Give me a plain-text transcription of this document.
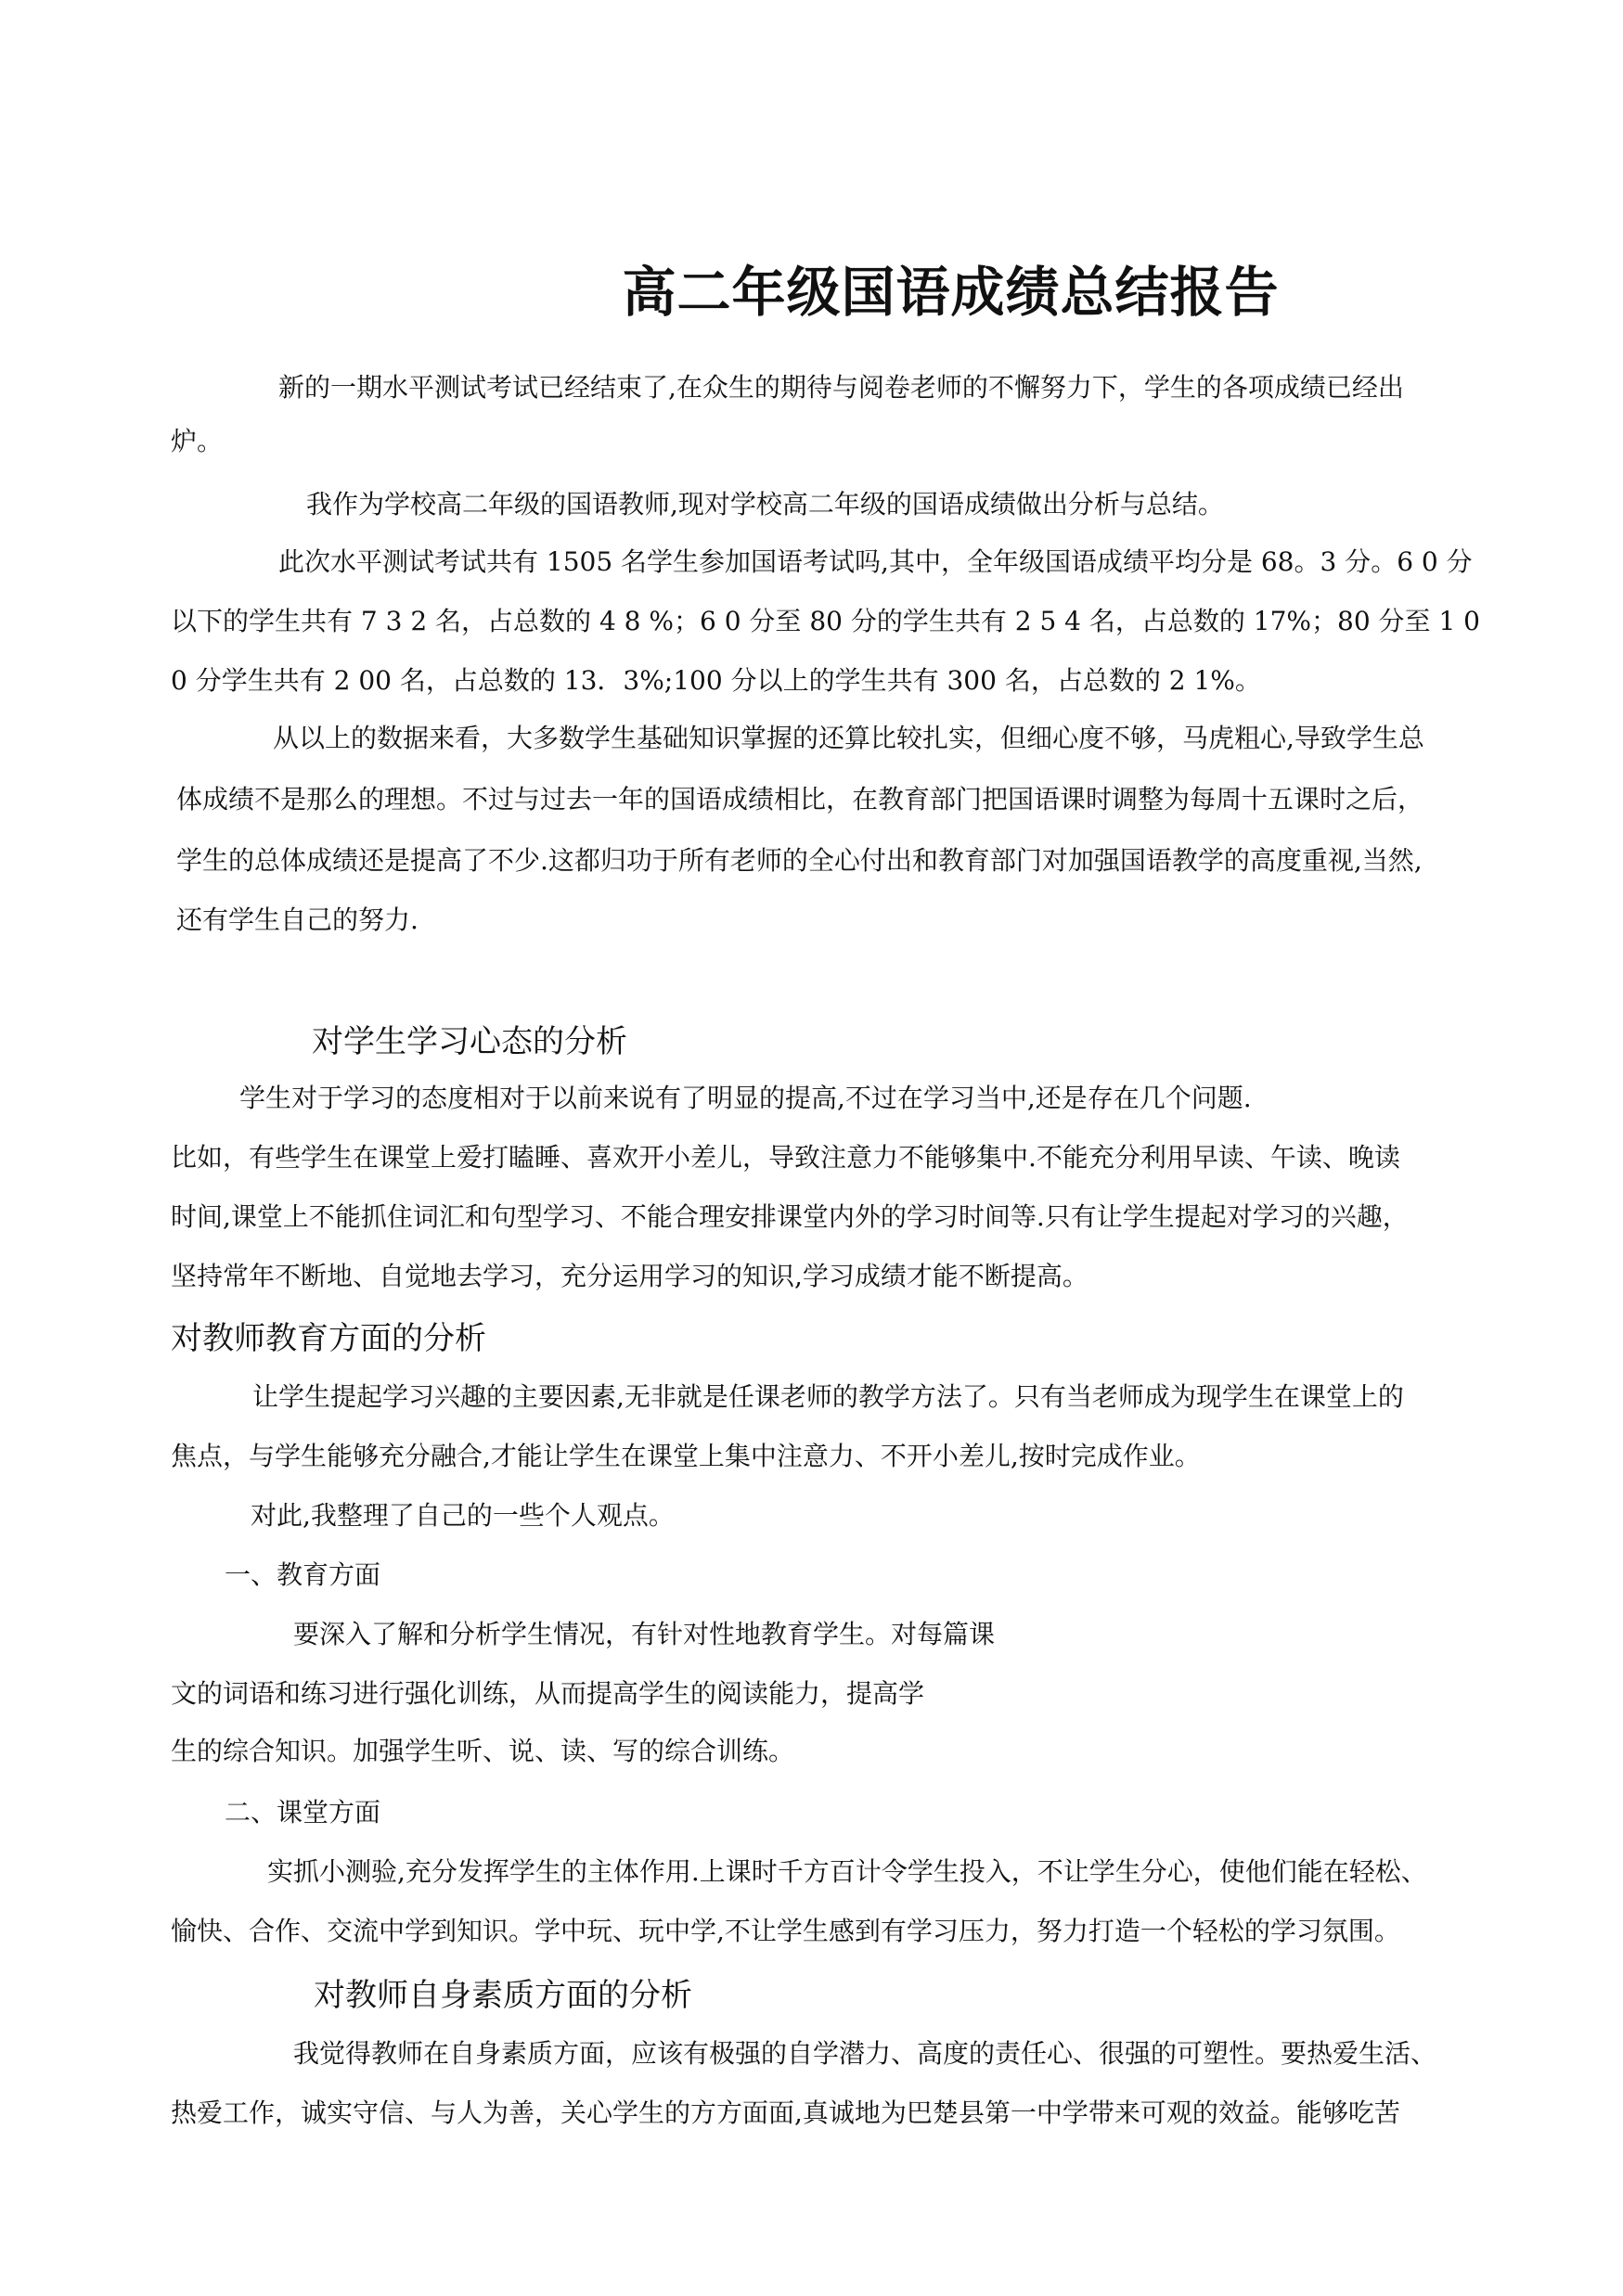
高二年级国语成绩总结报告
新的一期水平测试考试已经结束了,在众生的期待与阅卷老师的不懈努力下，学生的各项成绩已经出
炉。
我作为学校高二年级的国语教师,现对学校高二年级的国语成绩做出分析与总结。
此次水平测试考试共有 1505 名学生参加国语考试吗,其中，全年级国语成绩平均分是 68。3 分。6 0 分
以下的学生共有 7 3 2 名，占总数的 4 8 %；6 0 分至 80 分的学生共有 2 5 4 名，占总数的 17%；80 分至 1 0
0 分学生共有 2 00 名，占总数的 13．3%;100 分以上的学生共有 300 名，占总数的 2 1%。
从以上的数据来看，大多数学生基础知识掌握的还算比较扎实，但细心度不够，马虎粗心,导致学生总
体成绩不是那么的理想。不过与过去一年的国语成绩相比，在教育部门把国语课时调整为每周十五课时之后，
学生的总体成绩还是提高了不少.这都归功于所有老师的全心付出和教育部门对加强国语教学的高度重视,当然,
还有学生自己的努力.
对学生学习心态的分析
学生对于学习的态度相对于以前来说有了明显的提高,不过在学习当中,还是存在几个问题.
比如，有些学生在课堂上爱打瞌睡、喜欢开小差儿，导致注意力不能够集中.不能充分利用早读、午读、晚读
时间,课堂上不能抓住词汇和句型学习、不能合理安排课堂内外的学习时间等.只有让学生提起对学习的兴趣，
坚持常年不断地、自觉地去学习，充分运用学习的知识,学习成绩才能不断提高。
对教师教育方面的分析
让学生提起学习兴趣的主要因素,无非就是任课老师的教学方法了。只有当老师成为现学生在课堂上的
焦点，与学生能够充分融合,才能让学生在课堂上集中注意力、不开小差儿,按时完成作业。
对此,我整理了自己的一些个人观点。
一、教育方面
要深入了解和分析学生情况，有针对性地教育学生。对每篇课
文的词语和练习进行强化训练，从而提高学生的阅读能力，提高学
生的综合知识。加强学生听、说、读、写的综合训练。
二、课堂方面
实抓小测验,充分发挥学生的主体作用.上课时千方百计令学生投入，不让学生分心，使他们能在轻松、
愉快、合作、交流中学到知识。学中玩、玩中学,不让学生感到有学习压力，努力打造一个轻松的学习氛围。
对教师自身素质方面的分析
我觉得教师在自身素质方面，应该有极强的自学潜力、高度的责任心、很强的可塑性。要热爱生活、
热爱工作，诚实守信、与人为善，关心学生的方方面面,真诚地为巴楚县第一中学带来可观的效益。能够吃苦
